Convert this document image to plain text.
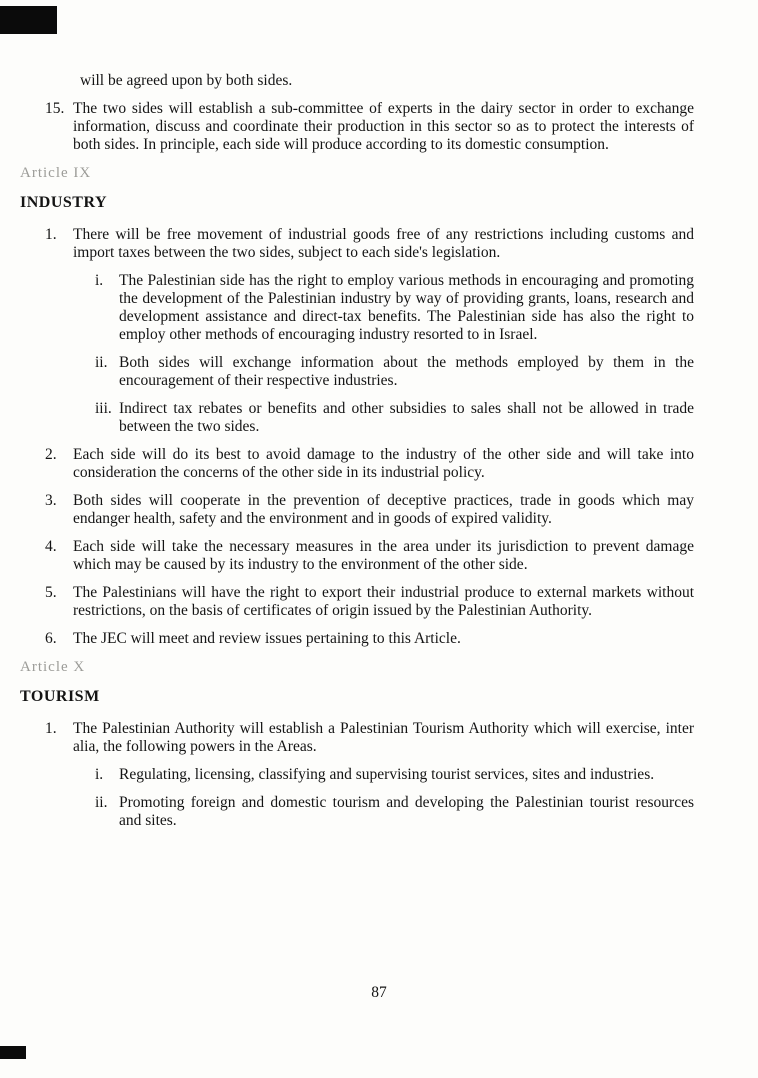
will be agreed upon by both sides.

15. The two sides will establish a sub-committee of experts in the dairy sector in order to exchange information, discuss and coordinate their production in this sector so as to protect the interests of both sides. In principle, each side will produce according to its domestic consumption.
Article IX
INDUSTRY
1.	There will be free movement of industrial goods free of any restrictions including customs and import taxes between the two sides, subject to each side's legislation.
i.	The Palestinian side has the right to employ various methods in encouraging and promoting the development of the Palestinian industry by way of providing grants, loans, research and development assistance and direct-tax benefits. The Palestinian side has also the right to employ other methods of encouraging industry resorted to in Israel.
ii. Both sides will exchange information about the methods employed by them in the encouragement of their respective industries.
iii. Indirect tax rebates or benefits and other subsidies to sales shall not be allowed in trade between the two sides.
2.	Each side will do its best to avoid damage to the industry of the other side and will take into consideration the concerns of the other side in its industrial policy.
3.	Both sides will cooperate in the prevention of deceptive practices, trade in goods which may endanger health, safety and the environment and in goods of expired validity.
4.	Each side will take the necessary measures in the area under its jurisdiction to prevent damage which may be caused by its industry to the environment of the other side.
5.	The Palestinians will have the right to export their industrial produce to external markets without restrictions, on the basis of certificates of origin issued by the Palestinian Authority.
6.	The JEC will meet and review issues pertaining to this Article.
Article X
TOURISM
1.	The Palestinian Authority will establish a Palestinian Tourism Authority which will exercise, inter alia, the following powers in the Areas.
i.	Regulating, licensing, classifying and supervising tourist services, sites and industries.
ii. Promoting foreign and domestic tourism and developing the Palestinian tourist resources and sites.
87
